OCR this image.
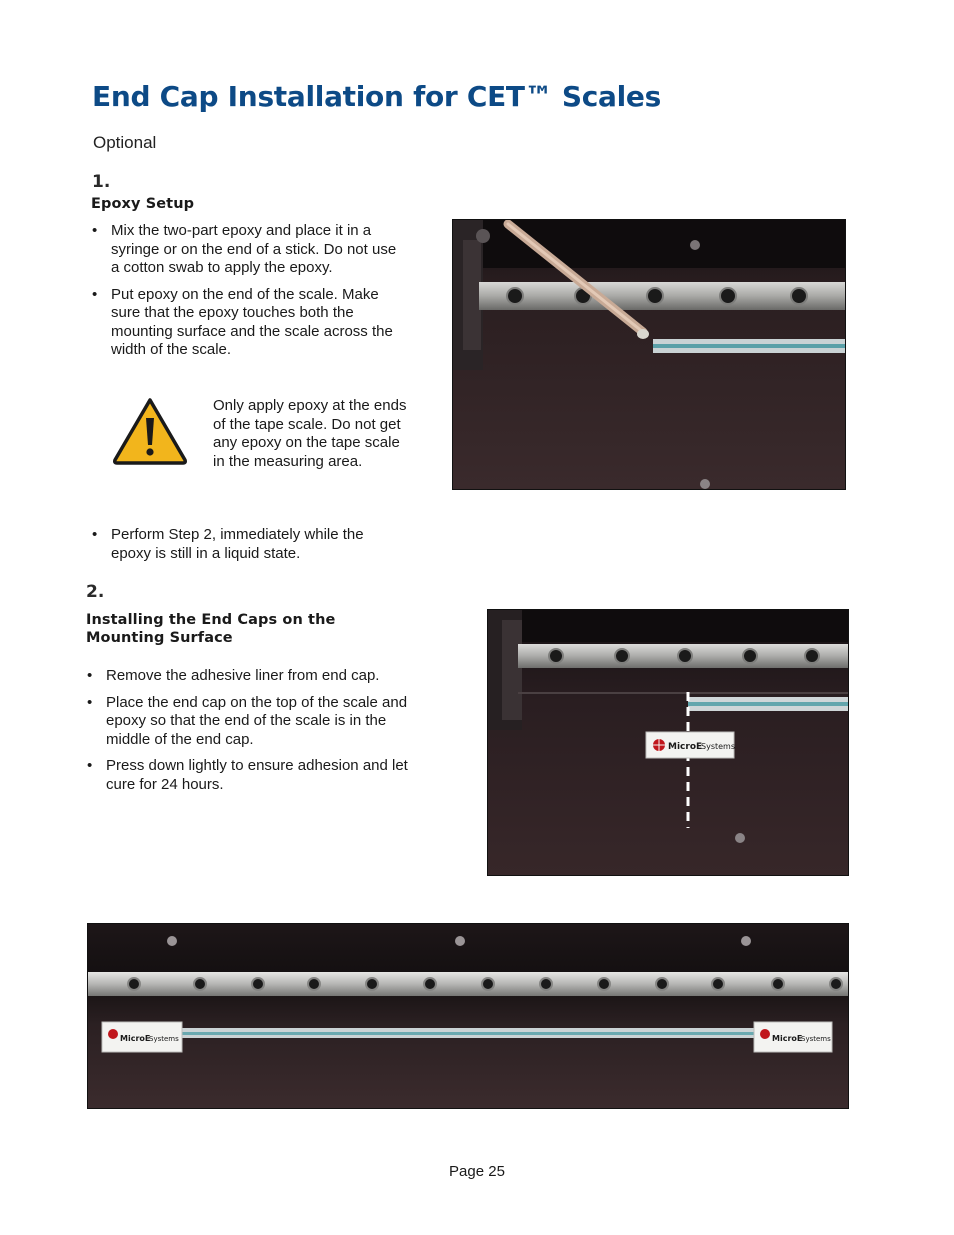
End Cap Installation for CET™ Scales
Optional
1.
Epoxy Setup
• Mix the two-part epoxy and place it in a syringe or on the end of a stick. Do not use a cotton swab to apply the epoxy.
• Put epoxy on the end of the scale. Make sure that the epoxy touches both the mounting surface and the scale across the width of the scale.
Only apply epoxy at the ends of the tape scale. Do not get any epoxy on the tape scale in the measuring area.
• Perform Step 2, immediately while the epoxy is still in a liquid state.
2.
Installing the End Caps on the
Mounting Surface
• Remove the adhesive liner from end cap.
• Place the end cap on the top of the scale and epoxy so that the end of the scale is in the middle of the end cap.
• Press down lightly to ensure adhesion and let cure for 24 hours.
MicroE
Systems
MicroE
Systems	MicroE
Systems
Page 25
